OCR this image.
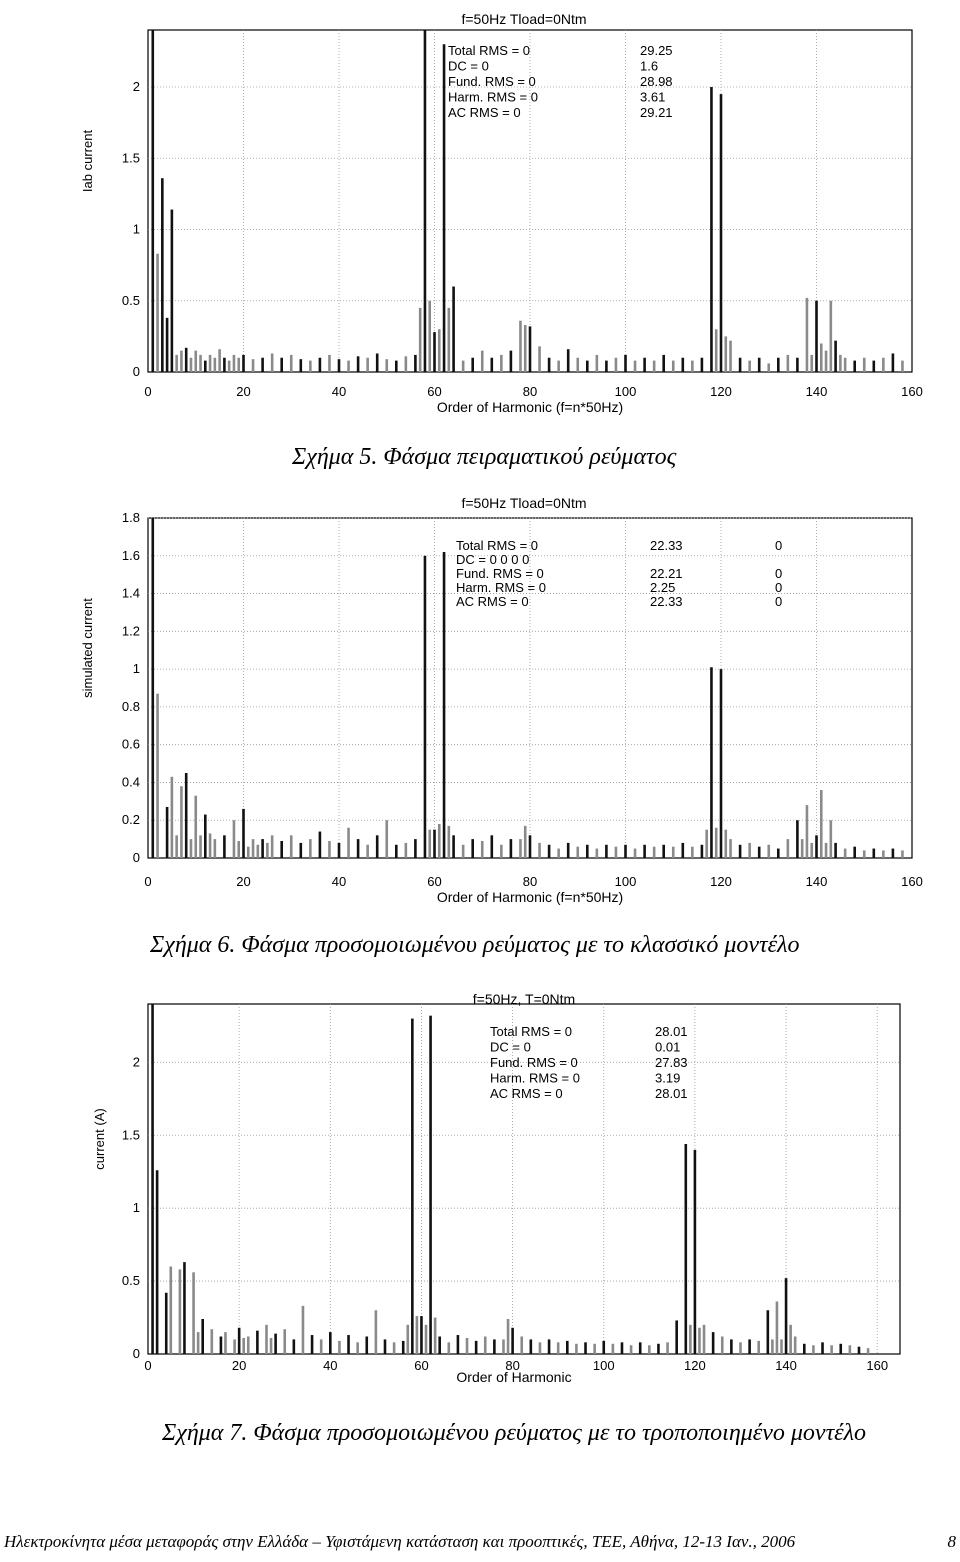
0	20	40	60	80	100	120	140	160
0
0.5
1
1.5
2
f=50Hz Tload=0Ntm
Order of Harmonic (f=n*50Hz)
Iab current
Total RMS = 0	29.25
DC = 0	1.6
Fund. RMS = 0	28.98
Harm. RMS = 0	3.61
AC RMS = 0	29.21
Σχήμα 5. Φάσμα πειραματικού ρεύματος
0	20	40	60	80	100	120	140	160
0
0.2
0.4
0.6
0.8
1
1.2
1.4
1.6
1.8
f=50Hz Tload=0Ntm
Order of Harmonic (f=n*50Hz)
simulated current
Total RMS = 0	22.33	0
DC = 0 0 0 0
Fund. RMS = 0	22.21	0
Harm. RMS = 0	2.25	0
AC RMS = 0	22.33	0
Σχήμα 6. Φάσμα προσομοιωμένου ρεύματος με το κλασσικό μοντέλο
0	20	40	60	80	100	120	140	160
0
0.5
1
1.5
2
f=50Hz, T=0Ntm
Order of Harmonic
current (A)
Total RMS = 0	28.01
DC = 0	0.01
Fund. RMS = 0	27.83
Harm. RMS = 0	3.19
AC RMS = 0	28.01
Σχήμα 7. Φάσμα προσομοιωμένου ρεύματος με το τροποποιημένο μοντέλο
Ηλεκτροκίνητα μέσα μεταφοράς στην Ελλάδα – Υφιστάμενη κατάσταση και προοπτικές, ΤΕΕ, Αθήνα, 12-13 Ιαν., 2006	8
